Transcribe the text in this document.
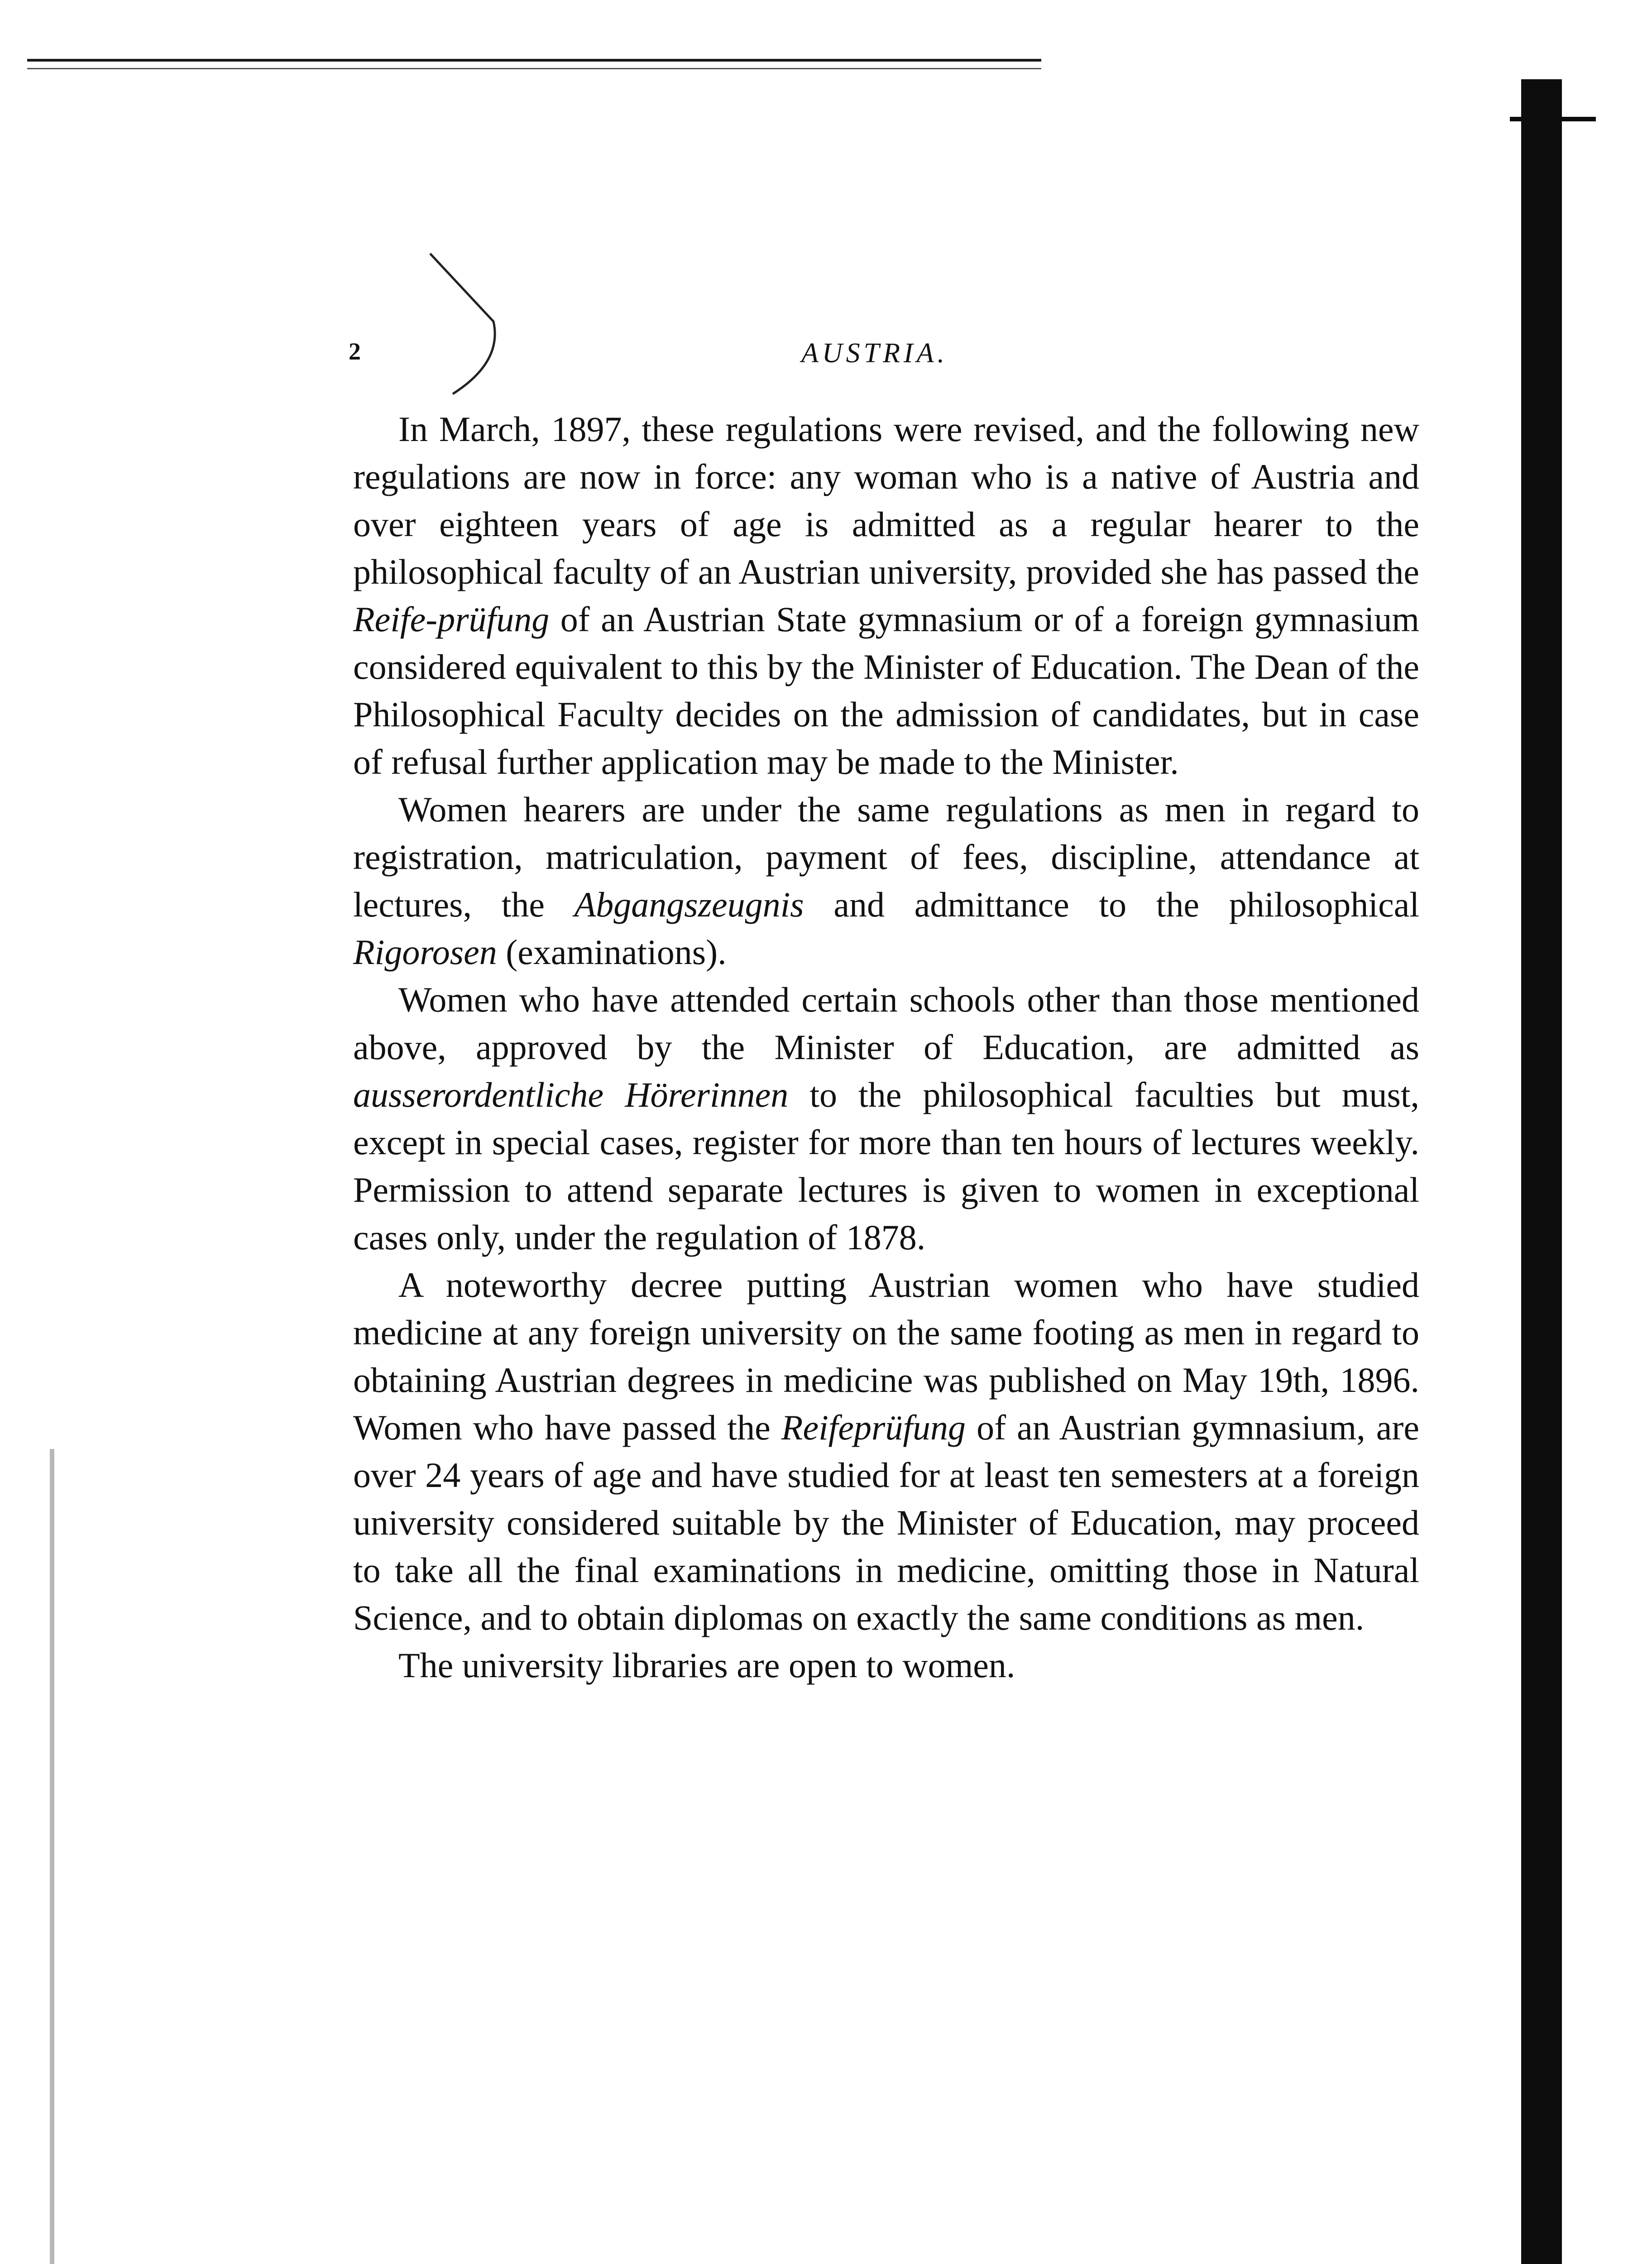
2	AUSTRIA.

In March, 1897, these regulations were revised, and the following new regulations are now in force: any woman who is a native of Austria and over eighteen years of age is admitted as a regular hearer to the philosophical faculty of an Austrian university, provided she has passed the Reife-prüfung of an Austrian State gymnasium or of a foreign gymnasium considered equivalent to this by the Minister of Education. The Dean of the Philosophical Faculty decides on the admission of candidates, but in case of refusal further application may be made to the Minister.

Women hearers are under the same regulations as men in regard to registration, matriculation, payment of fees, discipline, attendance at lectures, the Abgangszeugnis and admittance to the philosophical Rigorosen (examinations).

Women who have attended certain schools other than those mentioned above, approved by the Minister of Education, are admitted as ausserordentliche Hörerinnen to the philosophical faculties but must, except in special cases, register for more than ten hours of lectures weekly. Permission to attend separate lectures is given to women in exceptional cases only, under the regulation of 1878.

A noteworthy decree putting Austrian women who have studied medicine at any foreign university on the same footing as men in regard to obtaining Austrian degrees in medicine was published on May 19th, 1896. Women who have passed the Reifeprüfung of an Austrian gymnasium, are over 24 years of age and have studied for at least ten semesters at a foreign university considered suitable by the Minister of Education, may proceed to take all the final examinations in medicine, omitting those in Natural Science, and to obtain diplomas on exactly the same conditions as men.

The university libraries are open to women.
